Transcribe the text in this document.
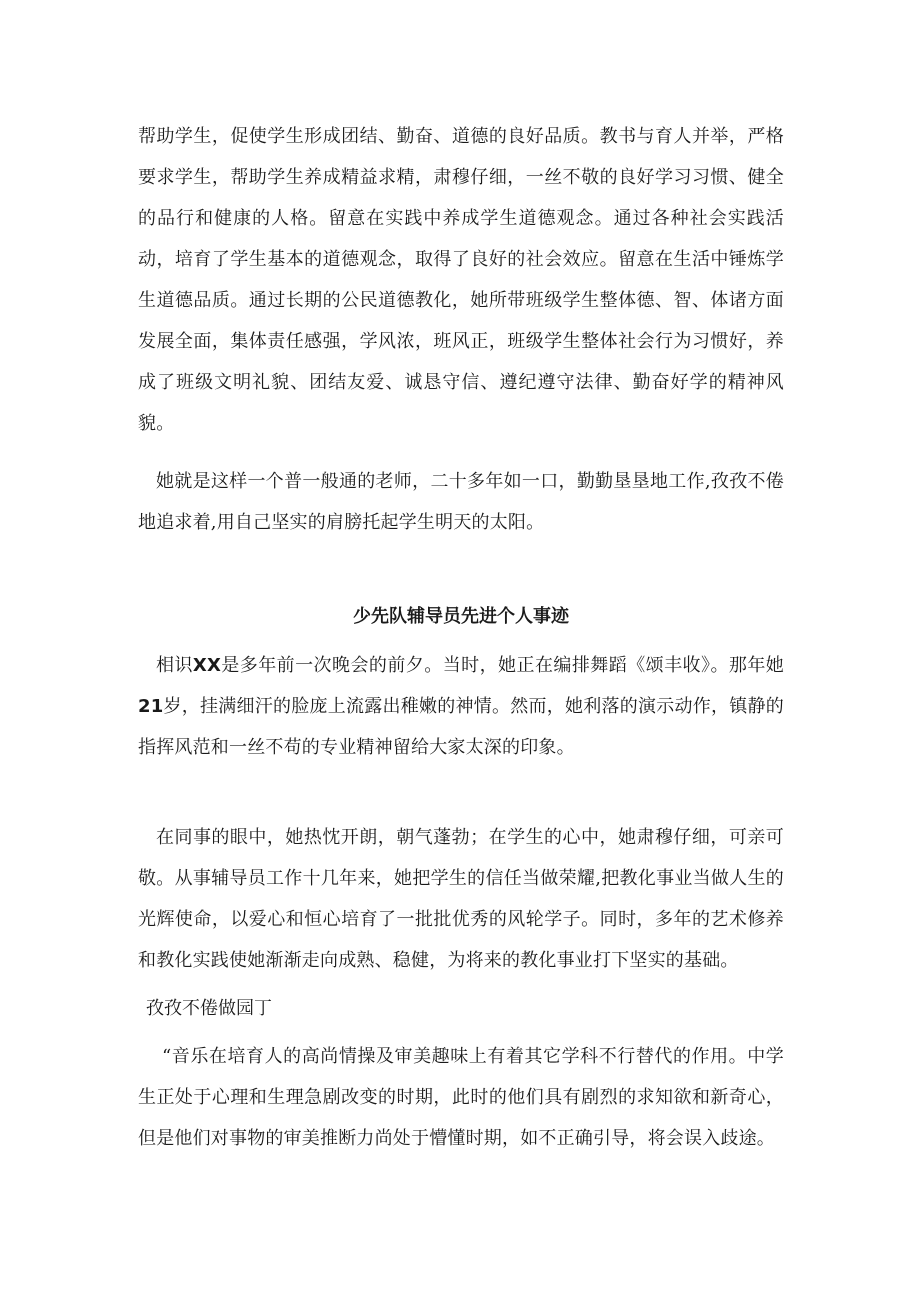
帮助学生，促使学生形成团结、勤奋、道德的良好品质。教书与育人并举，严格要求学生，帮助学生养成精益求精，肃穆仔细，一丝不敬的良好学习习惯、健全的品行和健康的人格。留意在实践中养成学生道德观念。通过各种社会实践活动，培育了学生基本的道德观念，取得了良好的社会效应。留意在生活中锤炼学生道德品质。通过长期的公民道德教化，她所带班级学生整体德、智、体诸方面发展全面，集体责任感强，学风浓，班风正，班级学生整体社会行为习惯好，养成了班级文明礼貌、团结友爱、诚恳守信、遵纪遵守法律、勤奋好学的精神风貌。

她就是这样一个普一般通的老师，二十多年如一口，勤勤垦垦地工作,孜孜不倦地追求着,用自己坚实的肩膀托起学生明天的太阳。

少先队辅导员先进个人事迹

相识XX是多年前一次晚会的前夕。当时，她正在编排舞蹈《颂丰收》。那年她21岁，挂满细汗的脸庞上流露出稚嫩的神情。然而，她利落的演示动作，镇静的指挥风范和一丝不苟的专业精神留给大家太深的印象。

在同事的眼中，她热忱开朗，朝气蓬勃；在学生的心中，她肃穆仔细，可亲可敬。从事辅导员工作十几年来，她把学生的信任当做荣耀,把教化事业当做人生的光辉使命，以爱心和恒心培育了一批批优秀的风轮学子。同时，多年的艺术修养和教化实践使她渐渐走向成熟、稳健，为将来的教化事业打下坚实的基础。

孜孜不倦做园丁

“音乐在培育人的高尚情操及审美趣味上有着其它学科不行替代的作用。中学生正处于心理和生理急剧改变的时期，此时的他们具有剧烈的求知欲和新奇心，但是他们对事物的审美推断力尚处于懵懂时期，如不正确引导，将会误入歧途。
